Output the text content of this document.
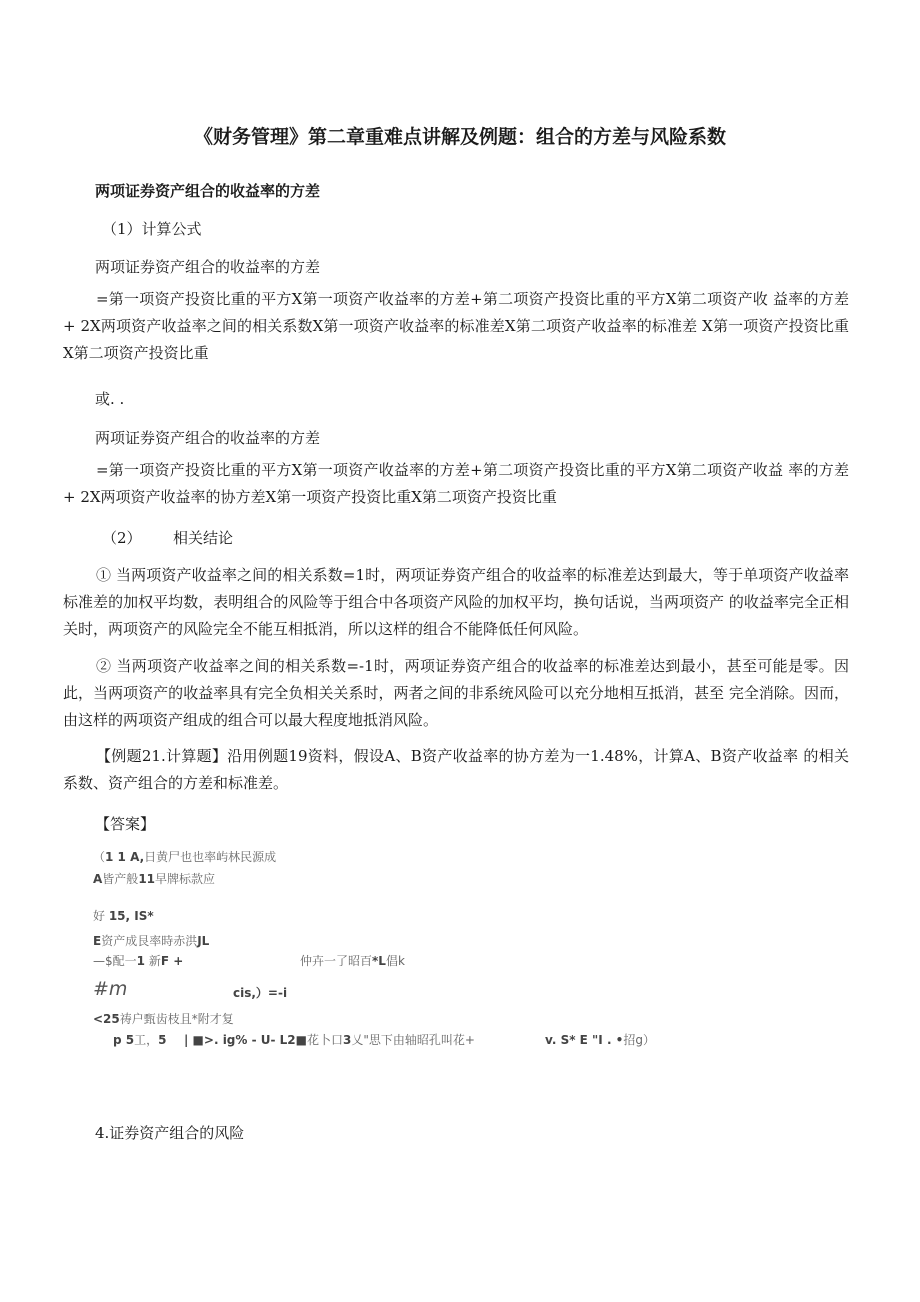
《财务管理》第二章重难点讲解及例题：组合的方差与风险系数
两项证券资产组合的收益率的方差
（1）计算公式
两项证券资产组合的收益率的方差
=第一项资产投资比重的平方X第一项资产收益率的方差+第二项资产投资比重的平方X第二项资产收 益率的方差+ 2X两项资产收益率之间的相关系数X第一项资产收益率的标准差X第二项资产收益率的标准差 X第一项资产投资比重X第二项资产投资比重
或. .
两项证券资产组合的收益率的方差
=第一项资产投资比重的平方X第一项资产收益率的方差+第二项资产投资比重的平方X第二项资产收益 率的方差+ 2X两项资产收益率的协方差X第一项资产投资比重X第二项资产投资比重
（2） 相关结论
① 当两项资产收益率之间的相关系数=1时，两项证券资产组合的收益率的标准差达到最大，等于单项资产收益率标准差的加权平均数，表明组合的风险等于组合中各项资产风险的加权平均，换句话说，当两项资产 的收益率完全正相关时，两项资产的风险完全不能互相抵消，所以这样的组合不能降低任何风险。
② 当两项资产收益率之间的相关系数=-1时，两项证券资产组合的收益率的标准差达到最小，甚至可能是零。因此，当两项资产的收益率具有完全负相关关系时，两者之间的非系统风险可以充分地相互抵消，甚至 完全消除。因而，由这样的两项资产组成的组合可以最大程度地抵消风险。
【例题21.计算题】沿用例题19资料，假设A、B资产收益率的协方差为一1.48%，计算A、B资产收益率 的相关系数、资产组合的方差和标准差。
【答案】
（1 1 A,日黄尸也也率屿林民源成
A皆产般11早牌标款应
好 15, IS*
E资产成艮率時赤洪JL
—$配一1 新F +	仲卉一了昭百*L倡k
#m	cis,）=-i
<25祷户甄齿枝且*附才复
p 5工，5 | ■>. ig% - U- L2■花卜口3乂"思下由轴昭孔叫花+	v. S* E "I . •招g）
4.证券资产组合的风险
